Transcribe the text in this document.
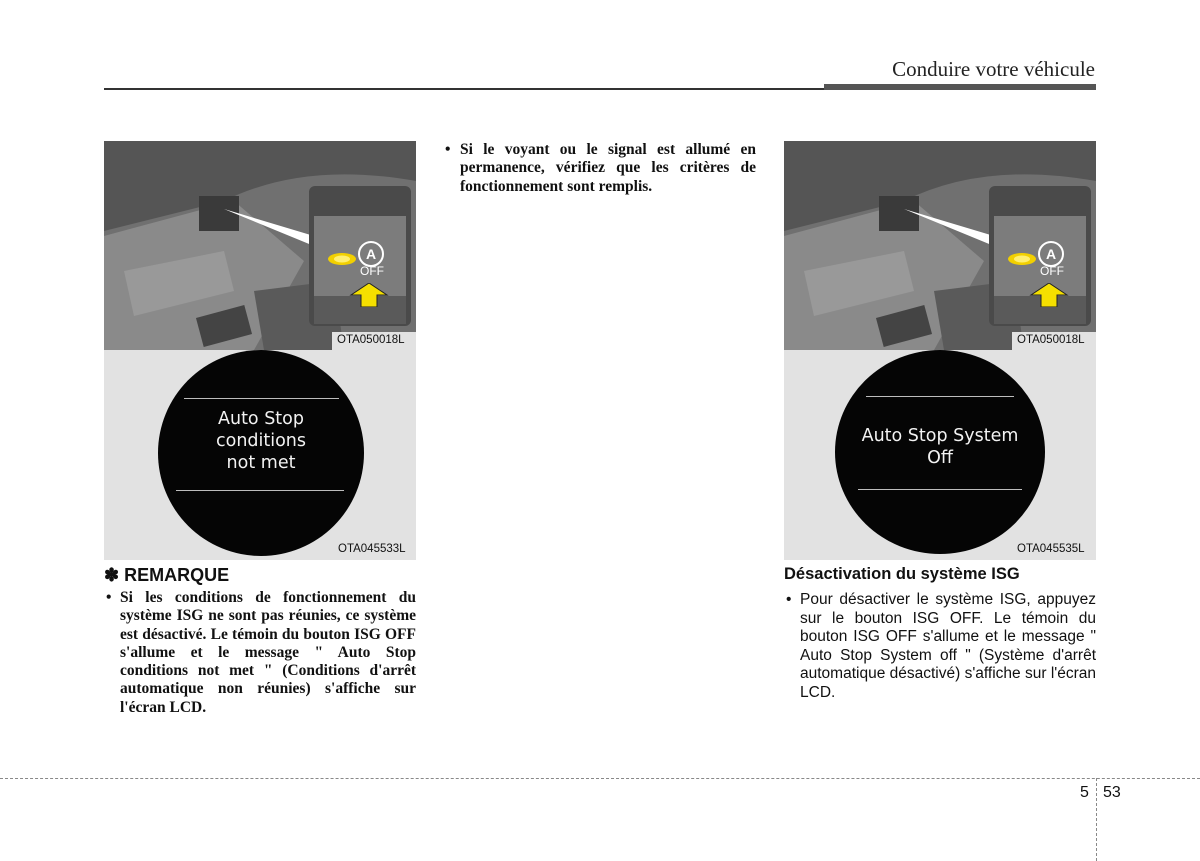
Conduire votre véhicule
A
OFF
OTA050018L
Auto Stop
conditions
not met
OTA045533L
✽ REMARQUE
• Si les conditions de fonctionnement du système ISG ne sont pas réunies, ce système est désactivé. Le témoin du bouton ISG OFF s'allume et le message " Auto Stop conditions not met " (Conditions d'arrêt automatique non réunies) s'affiche sur l'écran LCD.
• Si le voyant ou le signal est allumé en permanence, vérifiez que les critères de fonctionnement sont remplis.
A
OFF
OTA050018L
Auto Stop System
Off
OTA045535L
Désactivation du système ISG
• Pour désactiver le système ISG, appuyez sur le bouton ISG OFF. Le témoin du bouton ISG OFF s'allume et le message " Auto Stop System off " (Système d'arrêt automatique désactivé) s'affiche sur l'écran LCD.
5 53
